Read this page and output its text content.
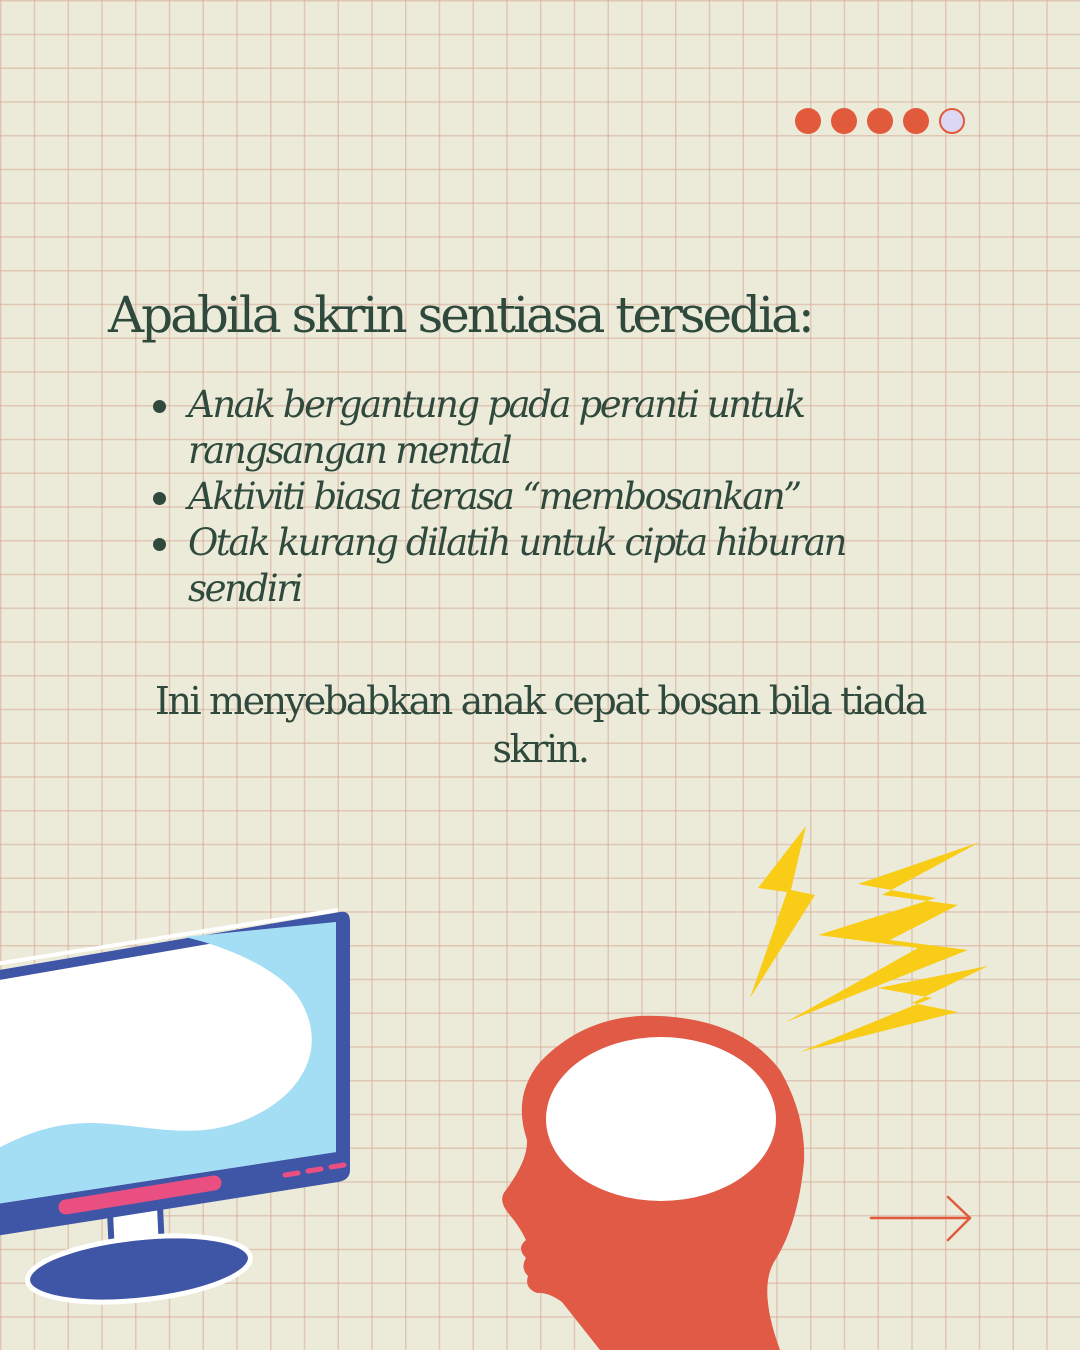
Apabila skrin sentiasa tersedia:
Anak bergantung pada peranti untuk rangsangan mental
Aktiviti biasa terasa “membosankan”
Otak kurang dilatih untuk cipta hiburan sendiri

Ini menyebabkan anak cepat bosan bila tiada skrin.
